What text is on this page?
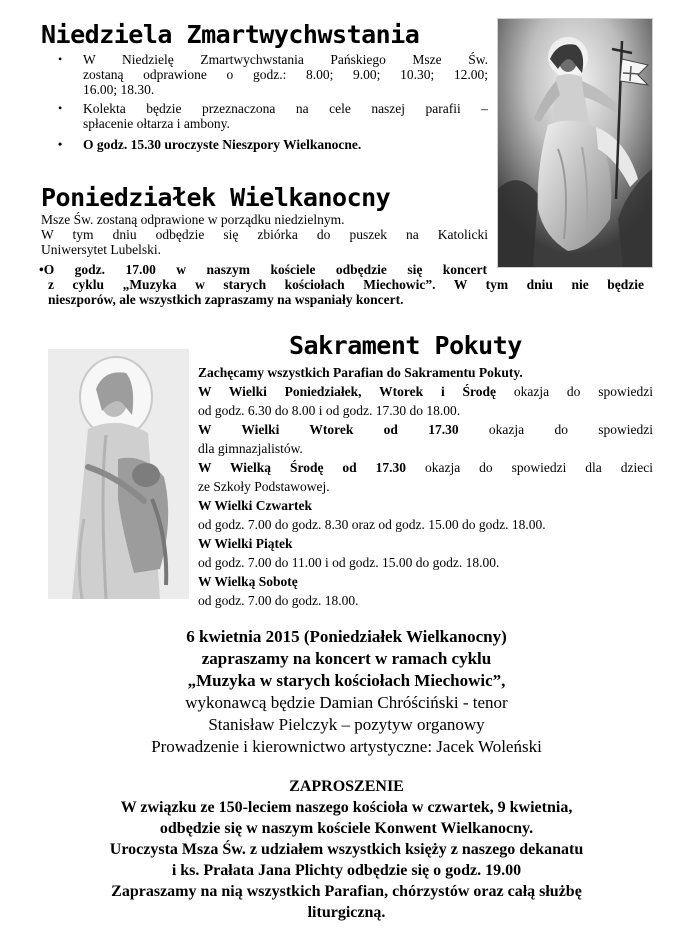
Niedziela Zmartwychwstania
• W Niedzielę Zmartwychwstania Pańskiego Msze Św.
zostaną odprawione o godz.: 8.00; 9.00; 10.30; 12.00;
16.00; 18.30.
• Kolekta będzie przeznaczona na cele naszej parafii –
spłacenie ołtarza i ambony.
• O godz. 15.30 uroczyste Nieszpory Wielkanocne.
Poniedziałek Wielkanocny
Msze Św. zostaną odprawione w porządku niedzielnym.
W tym dniu odbędzie się zbiórka do puszek na Katolicki
Uniwersytet Lubelski.
•O godz. 17.00 w naszym kościele odbędzie się koncert
z cyklu „Muzyka w starych kościołach Miechowic”. W tym dniu nie będzie
nieszporów, ale wszystkich zapraszamy na wspaniały koncert.
Sakrament Pokuty
Zachęcamy wszystkich Parafian do Sakramentu Pokuty.
W Wielki Poniedziałek, Wtorek i Środę okazja do spowiedzi
od godz. 6.30 do 8.00 i od godz. 17.30 do 18.00.
W Wielki Wtorek od 17.30 okazja do spowiedzi
dla gimnazjalistów.
W Wielką Środę od 17.30 okazja do spowiedzi dla dzieci
ze Szkoły Podstawowej.
W Wielki Czwartek
od godz. 7.00 do godz. 8.30 oraz od godz. 15.00 do godz. 18.00.
W Wielki Piątek
od godz. 7.00 do 11.00 i od godz. 15.00 do godz. 18.00.
W Wielką Sobotę
od godz. 7.00 do godz. 18.00.
6 kwietnia 2015 (Poniedziałek Wielkanocny)
zapraszamy na koncert w ramach cyklu
„Muzyka w starych kościołach Miechowic”,
wykonawcą będzie Damian Chróściński - tenor
Stanisław Pielczyk – pozytyw organowy
Prowadzenie i kierownictwo artystyczne: Jacek Woleński
ZAPROSZENIE
W związku ze 150-leciem naszego kościoła w czwartek, 9 kwietnia,
odbędzie się w naszym kościele Konwent Wielkanocny.
Uroczysta Msza Św. z udziałem wszystkich księży z naszego dekanatu
i ks. Prałata Jana Plichty odbędzie się o godz. 19.00
Zapraszamy na nią wszystkich Parafian, chórzystów oraz całą służbę
liturgiczną.
